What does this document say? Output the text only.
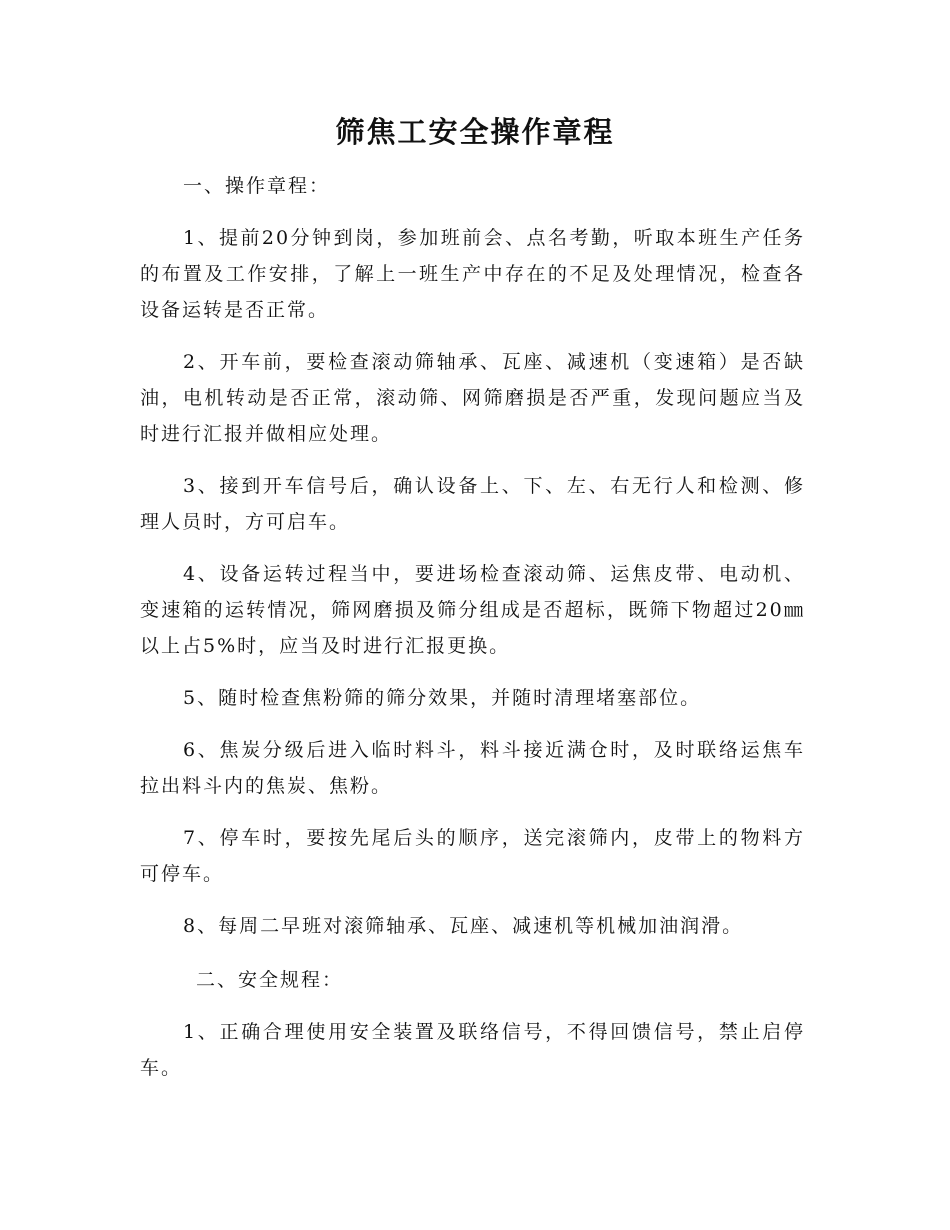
筛焦工安全操作章程

一、操作章程：

1、提前20分钟到岗，参加班前会、点名考勤，听取本班生产任务的布置及工作安排，了解上一班生产中存在的不足及处理情况，检查各设备运转是否正常。

2、开车前，要检查滚动筛轴承、瓦座、减速机（变速箱）是否缺油，电机转动是否正常，滚动筛、网筛磨损是否严重，发现问题应当及时进行汇报并做相应处理。

3、接到开车信号后，确认设备上、下、左、右无行人和检测、修理人员时，方可启车。

4、设备运转过程当中，要进场检查滚动筛、运焦皮带、电动机、变速箱的运转情况，筛网磨损及筛分组成是否超标，既筛下物超过20㎜以上占5%时，应当及时进行汇报更换。

5、随时检查焦粉筛的筛分效果，并随时清理堵塞部位。

6、焦炭分级后进入临时料斗，料斗接近满仓时，及时联络运焦车拉出料斗内的焦炭、焦粉。

7、停车时，要按先尾后头的顺序，送完滚筛内，皮带上的物料方可停车。

8、每周二早班对滚筛轴承、瓦座、减速机等机械加油润滑。

二、安全规程：

1、正确合理使用安全装置及联络信号，不得回馈信号，禁止启停车。
